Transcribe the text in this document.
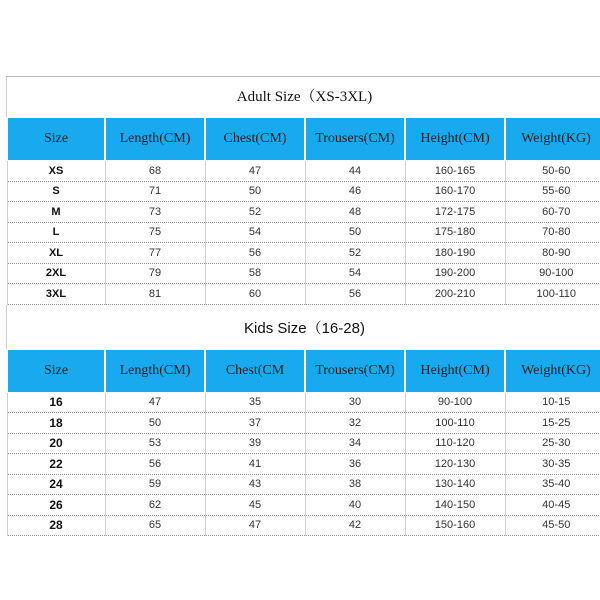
Adult Size（XS-3XL)
Size	Length(CM)	Chest(CM)	Trousers(CM)	Height(CM)	Weight(KG)
XS	68	47	44	160-165	50-60
S	71	50	46	160-170	55-60
M	73	52	48	172-175	60-70
L	75	54	50	175-180	70-80
XL	77	56	52	180-190	80-90
2XL	79	58	54	190-200	90-100
3XL	81	60	56	200-210	100-110
Kids Size（16-28)
Size	Length(CM)	Chest(CM	Trousers(CM)	Height(CM)	Weight(KG)
16	47	35	30	90-100	10-15
18	50	37	32	100-110	15-25
20	53	39	34	110-120	25-30
22	56	41	36	120-130	30-35
24	59	43	38	130-140	35-40
26	62	45	40	140-150	40-45
28	65	47	42	150-160	45-50
